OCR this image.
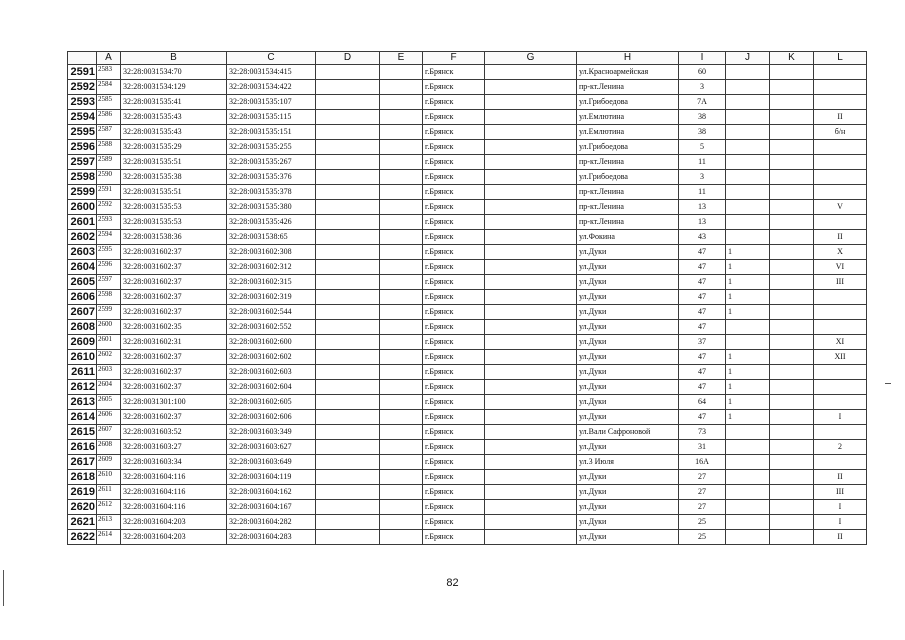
	A	B	C	D	E	F	G	H	I	J	K	L
2591	2583	32:28:0031534:70	32:28:0031534:415			г.Брянск		ул.Красноармейская	60			
2592	2584	32:28:0031534:129	32:28:0031534:422			г.Брянск		пр-кт.Ленина	3			
2593	2585	32:28:0031535:41	32:28:0031535:107			г.Брянск		ул.Грибоедова	7А			
2594	2586	32:28:0031535:43	32:28:0031535:115			г.Брянск		ул.Емлютина	38			II
2595	2587	32:28:0031535:43	32:28:0031535:151			г.Брянск		ул.Емлютина	38			б/н
2596	2588	32:28:0031535:29	32:28:0031535:255			г.Брянск		ул.Грибоедова	5			
2597	2589	32:28:0031535:51	32:28:0031535:267			г.Брянск		пр-кт.Ленина	11			
2598	2590	32:28:0031535:38	32:28:0031535:376			г.Брянск		ул.Грибоедова	3			
2599	2591	32:28:0031535:51	32:28:0031535:378			г.Брянск		пр-кт.Ленина	11			
2600	2592	32:28:0031535:53	32:28:0031535:380			г.Брянск		пр-кт.Ленина	13			V
2601	2593	32:28:0031535:53	32:28:0031535:426			г.Брянск		пр-кт.Ленина	13			
2602	2594	32:28:0031538:36	32:28:0031538:65			г.Брянск		ул.Фокина	43			II
2603	2595	32:28:0031602:37	32:28:0031602:308			г.Брянск		ул.Дуки	47	1		X
2604	2596	32:28:0031602:37	32:28:0031602:312			г.Брянск		ул.Дуки	47	1		VI
2605	2597	32:28:0031602:37	32:28:0031602:315			г.Брянск		ул.Дуки	47	1		III
2606	2598	32:28:0031602:37	32:28:0031602:319			г.Брянск		ул.Дуки	47	1		
2607	2599	32:28:0031602:37	32:28:0031602:544			г.Брянск		ул.Дуки	47	1		
2608	2600	32:28:0031602:35	32:28:0031602:552			г.Брянск		ул.Дуки	47			
2609	2601	32:28:0031602:31	32:28:0031602:600			г.Брянск		ул.Дуки	37			XI
2610	2602	32:28:0031602:37	32:28:0031602:602			г.Брянск		ул.Дуки	47	1		XII
2611	2603	32:28:0031602:37	32:28:0031602:603			г.Брянск		ул.Дуки	47	1		
2612	2604	32:28:0031602:37	32:28:0031602:604			г.Брянск		ул.Дуки	47	1		
2613	2605	32:28:0031301:100	32:28:0031602:605			г.Брянск		ул.Дуки	64	1		
2614	2606	32:28:0031602:37	32:28:0031602:606			г.Брянск		ул.Дуки	47	1		I
2615	2607	32:28:0031603:52	32:28:0031603:349			г.Брянск		ул.Вали Сафроновой	73			
2616	2608	32:28:0031603:27	32:28:0031603:627			г.Брянск		ул.Дуки	31			2
2617	2609	32:28:0031603:34	32:28:0031603:649			г.Брянск		ул.3 Июля	16А			
2618	2610	32:28:0031604:116	32:28:0031604:119			г.Брянск		ул.Дуки	27			II
2619	2611	32:28:0031604:116	32:28:0031604:162			г.Брянск		ул.Дуки	27			III
2620	2612	32:28:0031604:116	32:28:0031604:167			г.Брянск		ул.Дуки	27			I
2621	2613	32:28:0031604:203	32:28:0031604:282			г.Брянск		ул.Дуки	25			I
2622	2614	32:28:0031604:203	32:28:0031604:283			г.Брянск		ул.Дуки	25			II
82
